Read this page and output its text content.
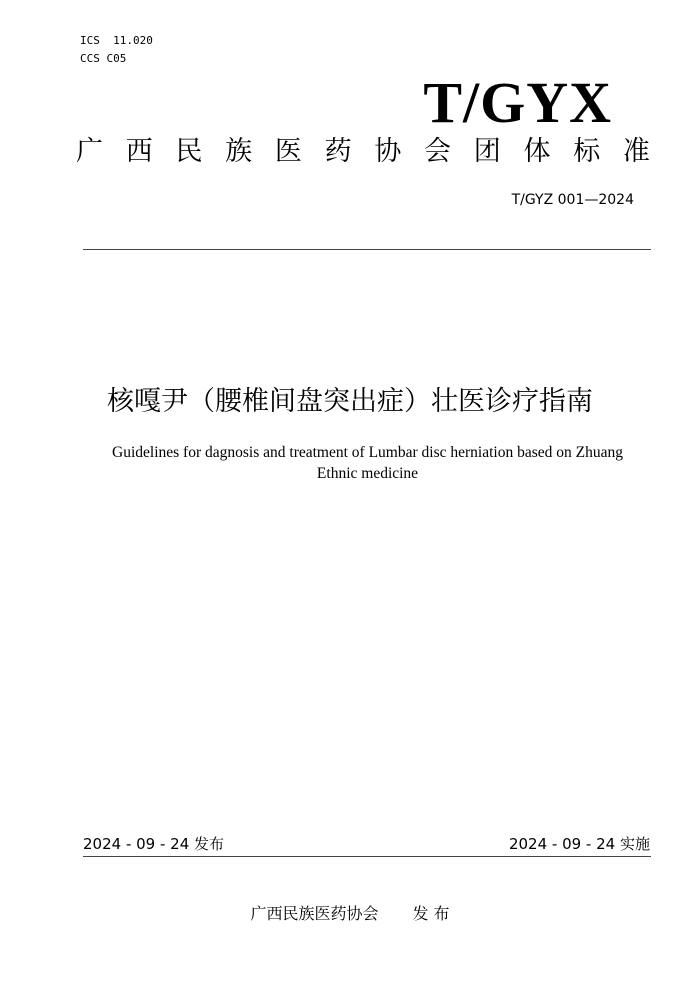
ICS 11.020
CCS C05
T/GYX
广 西 民 族 医 药 协 会 团 体 标 准
T/GYZ 001—2024
核嘎尹（腰椎间盘突出症）壮医诊疗指南
Guidelines for dagnosis and treatment of Lumbar disc herniation based on Zhuang Ethnic medicine
2024 - 09 - 24 发布	2024 - 09 - 24 实施
广西民族医药协会 发 布
